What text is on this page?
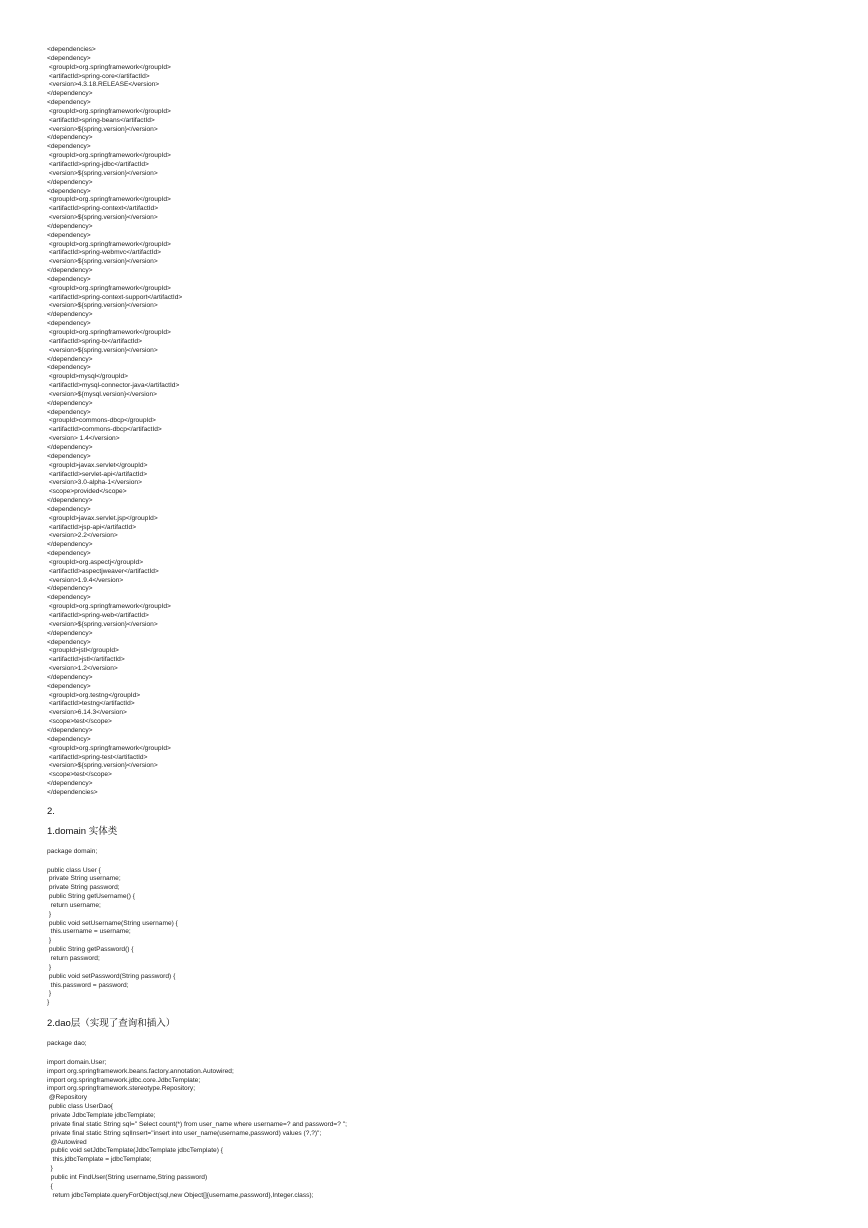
<dependencies>
<dependency>
<groupId>org.springframework</groupId>
<artifactId>spring-core</artifactId>
<version>4.3.18.RELEASE</version>
</dependency>
<dependency>
<groupId>org.springframework</groupId>
<artifactId>spring-beans</artifactId>
<version>${spring.version}</version>
</dependency>
<dependency>
<groupId>org.springframework</groupId>
<artifactId>spring-jdbc</artifactId>
<version>${spring.version}</version>
</dependency>
<dependency>
<groupId>org.springframework</groupId>
<artifactId>spring-context</artifactId>
<version>${spring.version}</version>
</dependency>
<dependency>
<groupId>org.springframework</groupId>
<artifactId>spring-webmvc</artifactId>
<version>${spring.version}</version>
</dependency>
<dependency>
<groupId>org.springframework</groupId>
<artifactId>spring-context-support</artifactId>
<version>${spring.version}</version>
</dependency>
<dependency>
<groupId>org.springframework</groupId>
<artifactId>spring-tx</artifactId>
<version>${spring.version}</version>
</dependency>
<dependency>
<groupId>mysql</groupId>
<artifactId>mysql-connector-java</artifactId>
<version>${mysql.version}</version>
</dependency>
<dependency>
<groupId>commons-dbcp</groupId>
<artifactId>commons-dbcp</artifactId>
<version> 1.4</version>
</dependency>
<dependency>
<groupId>javax.servlet</groupId>
<artifactId>servlet-api</artifactId>
<version>3.0-alpha-1</version>
<scope>provided</scope>
</dependency>
<dependency>
<groupId>javax.servlet.jsp</groupId>
<artifactId>jsp-api</artifactId>
<version>2.2</version>
</dependency>
<dependency>
<groupId>org.aspectj</groupId>
<artifactId>aspectjweaver</artifactId>
<version>1.9.4</version>
</dependency>
<dependency>
<groupId>org.springframework</groupId>
<artifactId>spring-web</artifactId>
<version>${spring.version}</version>
</dependency>
<dependency>
<groupId>jstl</groupId>
<artifactId>jstl</artifactId>
<version>1.2</version>
</dependency>
<dependency>
<groupId>org.testng</groupId>
<artifactId>testng</artifactId>
<version>6.14.3</version>
<scope>test</scope>
</dependency>
<dependency>
<groupId>org.springframework</groupId>
<artifactId>spring-test</artifactId>
<version>${spring.version}</version>
<scope>test</scope>
</dependency>
</dependencies>
2.
1.domain 实体类
package domain;
public class User {
private String username;
private String password;
public String getUsername() {
return username;
}
public void setUsername(String username) {
this.username = username;
}
public String getPassword() {
return password;
}
public void setPassword(String password) {
this.password = password;
}
}
2.dao层（实现了查询和插入）
package dao;
import domain.User;
import org.springframework.beans.factory.annotation.Autowired;
import org.springframework.jdbc.core.JdbcTemplate;
import org.springframework.stereotype.Repository;
@Repository
public class UserDao{
private JdbcTemplate jdbcTemplate;
private final static String sql=" Select count(*) from user_name where username=? and password=? ";
private final static String sqlInsert="insert into user_name(username,password) values (?,?)";
@Autowired
public void setJdbcTemplate(JdbcTemplate jdbcTemplate) {
this.jdbcTemplate = jdbcTemplate;
}
public int FindUser(String username,String password)
{
return jdbcTemplate.queryForObject(sql,new Object[]{username,password},Integer.class);
